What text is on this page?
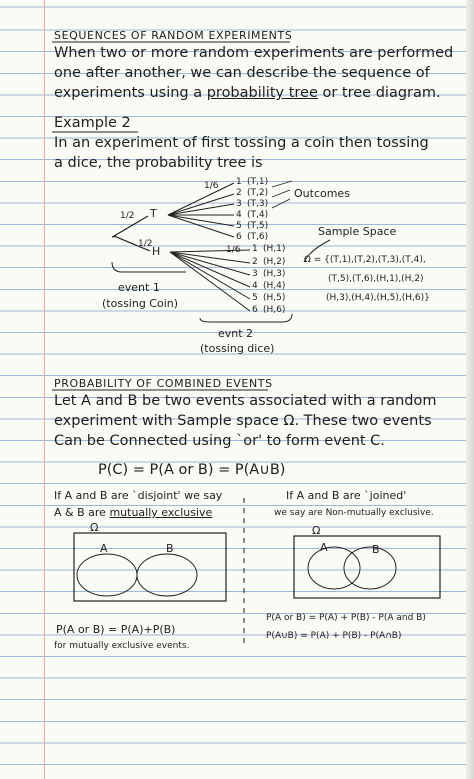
SEQUENCES OF RANDOM EXPERIMENTS
When two or more random experiments are performed
one after another, we can describe the sequence of
experiments using a probability tree or tree diagram.
Example 2
In an experiment of first tossing a coin then tossing
a dice, the probability tree is
1/2
1/2
T
H
1/6
1/6
1
2
3
4
5
6
(T,1)
(T,2)
(T,3)
(T,4)
(T,5)
(T,6)
Outcomes
1
2
3
4
5
6
(H,1)
(H,2)
(H,3)
(H,4)
(H,5)
(H,6)
Sample Space
Ω = {(T,1),(T,2),(T,3),(T,4),
(T,5),(T,6),(H,1),(H,2)
(H,3),(H,4),(H,5),(H,6)}
event 1
(tossing Coin)
evnt 2
(tossing dice)
PROBABILITY OF COMBINED EVENTS
Let A and B be two events associated with a random
experiment with Sample space Ω. These two events
Can be Connected using `or' to form event C.
P(C) = P(A or B) = P(A∪B)
If A and B are `disjoint' we say
A & B are mutually exclusive
Ω
A	B
P(A or B) = P(A)+P(B)
for mutually exclusive events.
If A and B are `joined'
we say are Non-mutually exclusive.
Ω
A	B
P(A or B) = P(A) + P(B) - P(A and B)
P(A∪B) = P(A) + P(B) - P(A∩B)
